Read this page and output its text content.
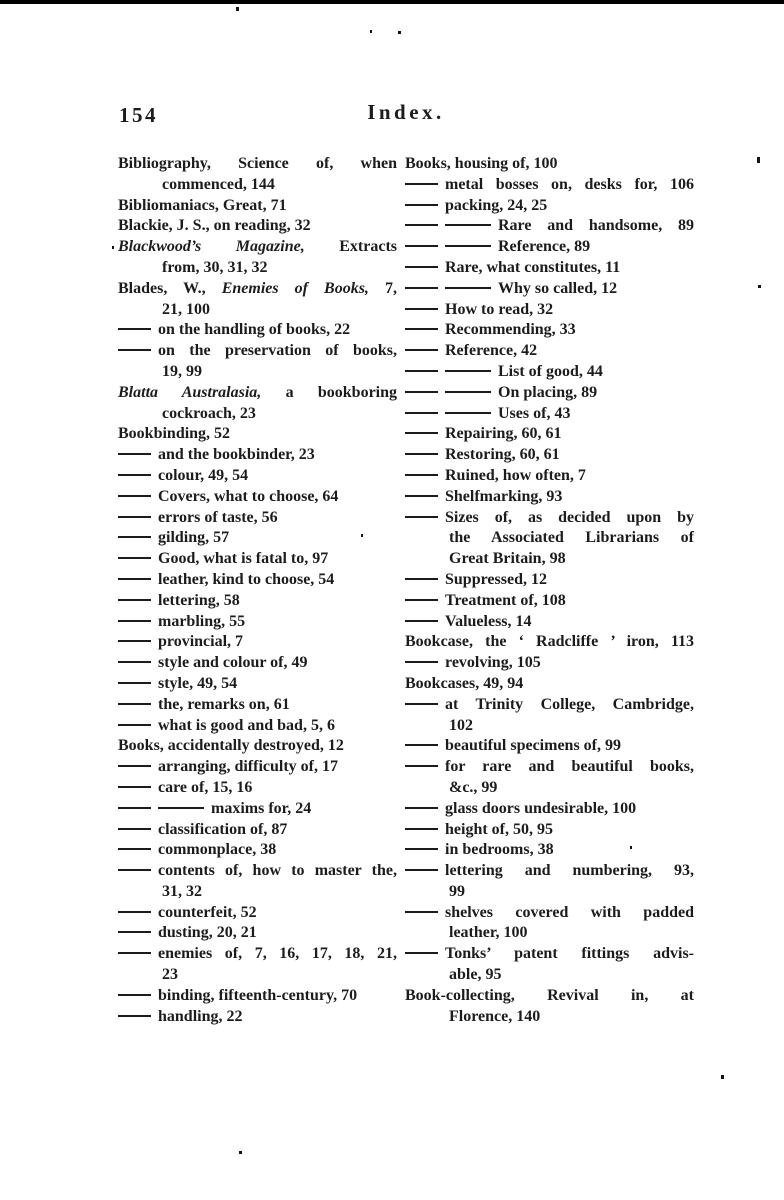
154	Index.
Bibliography, Science of, when
commenced, 144
Bibliomaniacs, Great, 71
Blackie, J. S., on reading, 32
Blackwood’s Magazine, Extracts
from, 30, 31, 32
Blades, W., Enemies of Books, 7,
21, 100
on the handling of books, 22
on the preservation of books,
19, 99
Blatta Australasia, a bookboring
cockroach, 23
Bookbinding, 52
and the bookbinder, 23
colour, 49, 54
Covers, what to choose, 64
errors of taste, 56
gilding, 57
Good, what is fatal to, 97
leather, kind to choose, 54
lettering, 58
marbling, 55
provincial, 7
style and colour of, 49
style, 49, 54
the, remarks on, 61
what is good and bad, 5, 6
Books, accidentally destroyed, 12
arranging, difficulty of, 17
care of, 15, 16
maxims for, 24
classification of, 87
commonplace, 38
contents of, how to master the,
31, 32
counterfeit, 52
dusting, 20, 21
enemies of, 7, 16, 17, 18, 21,
23
binding, fifteenth-century, 70
handling, 22
Books, housing of, 100
metal bosses on, desks for, 106
packing, 24, 25
Rare and handsome, 89
Reference, 89
Rare, what constitutes, 11
Why so called, 12
How to read, 32
Recommending, 33
Reference, 42
List of good, 44
On placing, 89
Uses of, 43
Repairing, 60, 61
Restoring, 60, 61
Ruined, how often, 7
Shelfmarking, 93
Sizes of, as decided upon by
the Associated Librarians of
Great Britain, 98
Suppressed, 12
Treatment of, 108
Valueless, 14
Bookcase, the ‘ Radcliffe ’ iron, 113
revolving, 105
Bookcases, 49, 94
at Trinity College, Cambridge,
102
beautiful specimens of, 99
for rare and beautiful books,
&c., 99
glass doors undesirable, 100
height of, 50, 95
in bedrooms, 38
lettering and numbering, 93,
99
shelves covered with padded
leather, 100
Tonks’ patent fittings advis-
able, 95
Book-collecting, Revival in, at
Florence, 140
